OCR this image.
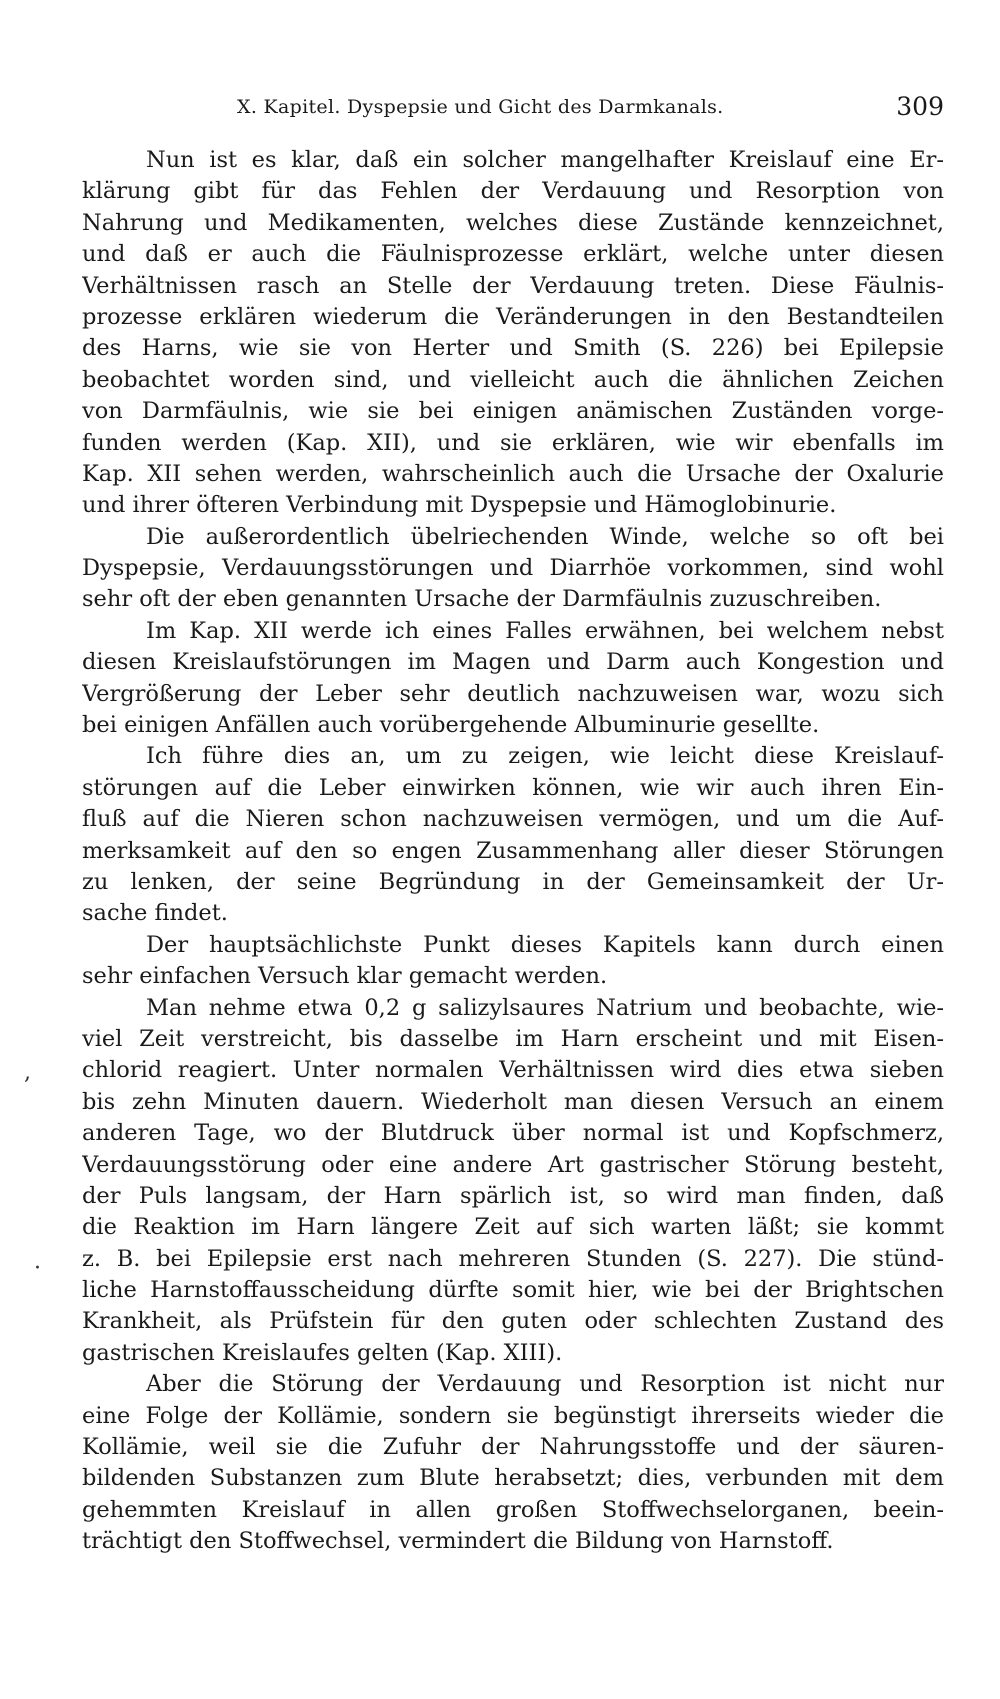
X. Kapitel. Dyspepsie und Gicht des Darmkanals.	309
Nun ist es klar, daß ein solcher mangelhafter Kreislauf eine Er-
klärung gibt für das Fehlen der Verdauung und Resorption von
Nahrung und Medikamenten, welches diese Zustände kennzeichnet,
und daß er auch die Fäulnisprozesse erklärt, welche unter diesen
Verhältnissen rasch an Stelle der Verdauung treten. Diese Fäulnis-
prozesse erklären wiederum die Veränderungen in den Bestandteilen
des Harns, wie sie von Herter und Smith (S. 226) bei Epilepsie
beobachtet worden sind, und vielleicht auch die ähnlichen Zeichen
von Darmfäulnis, wie sie bei einigen anämischen Zuständen vorge-
funden werden (Kap. XII), und sie erklären, wie wir ebenfalls im
Kap. XII sehen werden, wahrscheinlich auch die Ursache der Oxalurie
und ihrer öfteren Verbindung mit Dyspepsie und Hämoglobinurie.
Die außerordentlich übelriechenden Winde, welche so oft bei
Dyspepsie, Verdauungsstörungen und Diarrhöe vorkommen, sind wohl
sehr oft der eben genannten Ursache der Darmfäulnis zuzuschreiben.
Im Kap. XII werde ich eines Falles erwähnen, bei welchem nebst
diesen Kreislaufstörungen im Magen und Darm auch Kongestion und
Vergrößerung der Leber sehr deutlich nachzuweisen war, wozu sich
bei einigen Anfällen auch vorübergehende Albuminurie gesellte.
Ich führe dies an, um zu zeigen, wie leicht diese Kreislauf-
störungen auf die Leber einwirken können, wie wir auch ihren Ein-
fluß auf die Nieren schon nachzuweisen vermögen, und um die Auf-
merksamkeit auf den so engen Zusammenhang aller dieser Störungen
zu lenken, der seine Begründung in der Gemeinsamkeit der Ur-
sache findet.
Der hauptsächlichste Punkt dieses Kapitels kann durch einen
sehr einfachen Versuch klar gemacht werden.
Man nehme etwa 0,2 g salizylsaures Natrium und beobachte, wie-
viel Zeit verstreicht, bis dasselbe im Harn erscheint und mit Eisen-
chlorid reagiert. Unter normalen Verhältnissen wird dies etwa sieben
bis zehn Minuten dauern. Wiederholt man diesen Versuch an einem
anderen Tage, wo der Blutdruck über normal ist und Kopfschmerz,
Verdauungsstörung oder eine andere Art gastrischer Störung besteht,
der Puls langsam, der Harn spärlich ist, so wird man finden, daß
die Reaktion im Harn längere Zeit auf sich warten läßt; sie kommt
z. B. bei Epilepsie erst nach mehreren Stunden (S. 227). Die stünd-
liche Harnstoffausscheidung dürfte somit hier, wie bei der Brightschen
Krankheit, als Prüfstein für den guten oder schlechten Zustand des
gastrischen Kreislaufes gelten (Kap. XIII).
Aber die Störung der Verdauung und Resorption ist nicht nur
eine Folge der Kollämie, sondern sie begünstigt ihrerseits wieder die
Kollämie, weil sie die Zufuhr der Nahrungsstoffe und der säuren-
bildenden Substanzen zum Blute herabsetzt; dies, verbunden mit dem
gehemmten Kreislauf in allen großen Stoffwechselorganen, beein-
trächtigt den Stoffwechsel, vermindert die Bildung von Harnstoff.
,
·
